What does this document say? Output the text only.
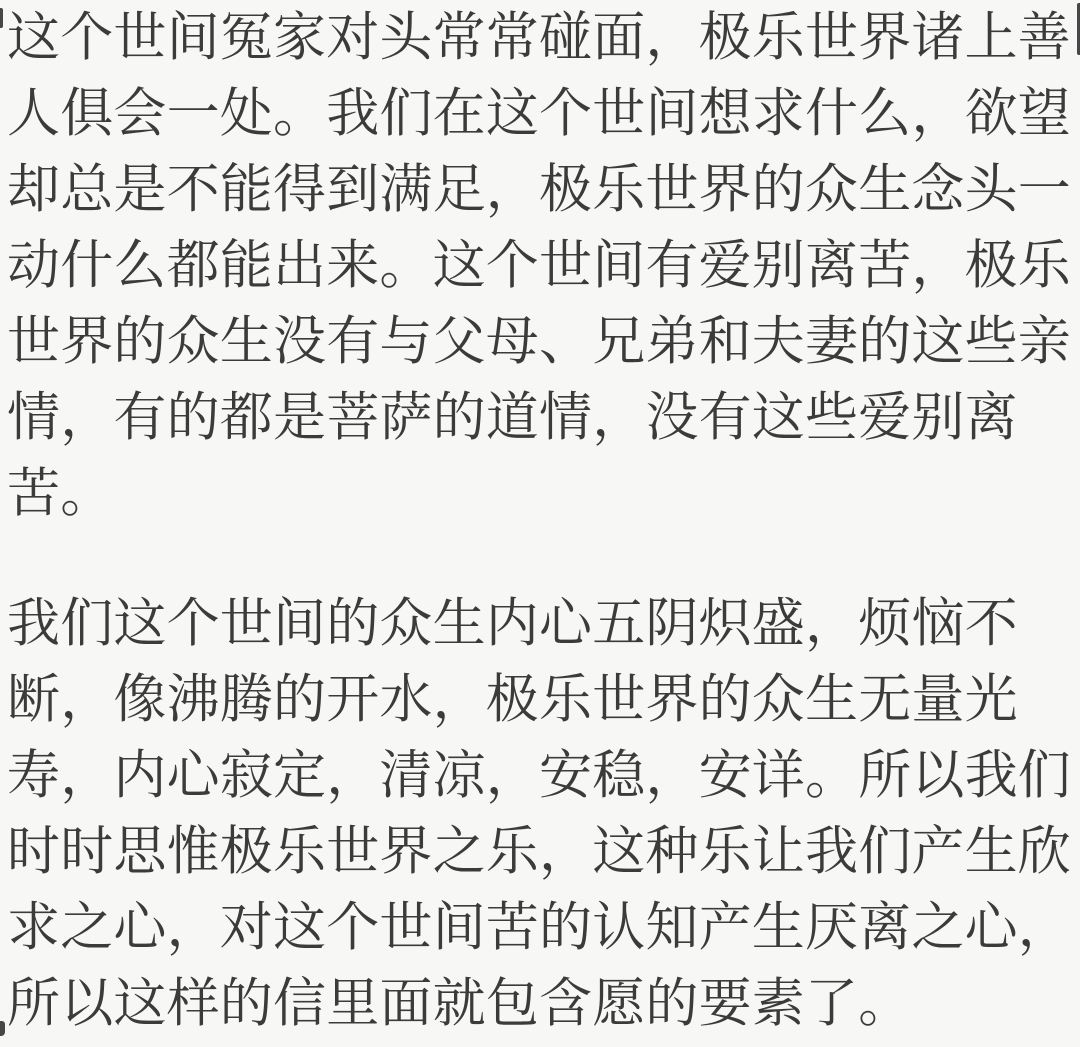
这个世间冤家对头常常碰面，极乐世界诸上善
人俱会一处。我们在这个世间想求什么，欲望
却总是不能得到满足，极乐世界的众生念头一
动什么都能出来。这个世间有爱别离苦，极乐
世界的众生没有与父母、兄弟和夫妻的这些亲
情，有的都是菩萨的道情，没有这些爱别离
苦。

我们这个世间的众生内心五阴炽盛，烦恼不
断，像沸腾的开水，极乐世界的众生无量光
寿，内心寂定，清凉，安稳，安详。所以我们
时时思惟极乐世界之乐，这种乐让我们产生欣
求之心，对这个世间苦的认知产生厌离之心，
所以这样的信里面就包含愿的要素了。
